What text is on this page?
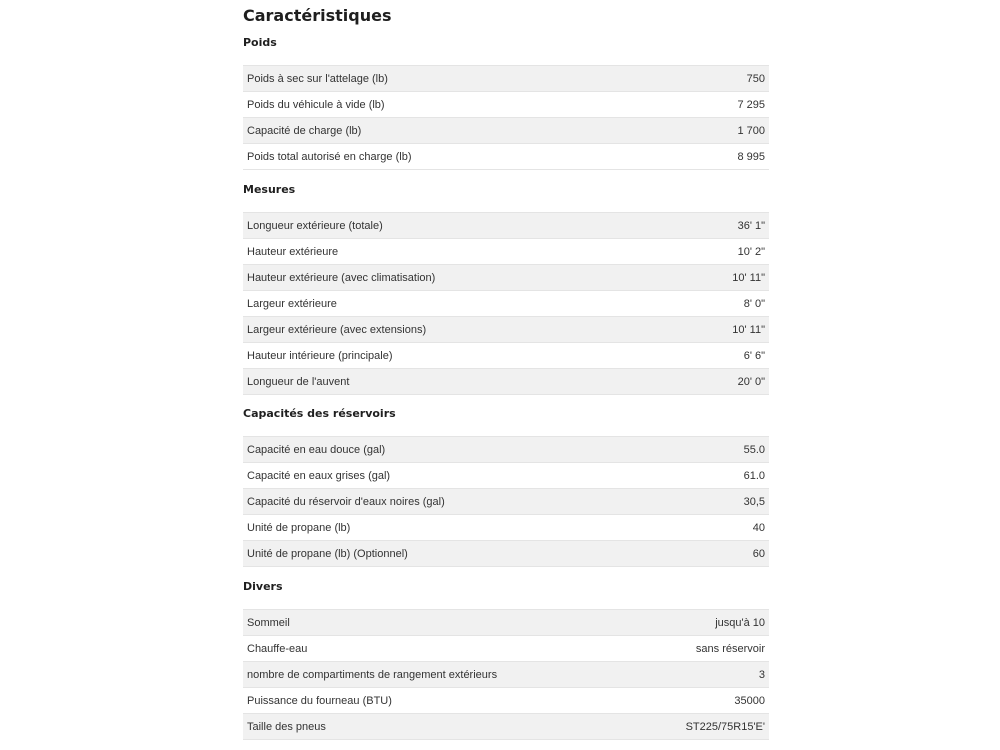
Caractéristiques
Poids
Poids à sec sur l'attelage (lb)	750
Poids du véhicule à vide (lb)	7 295
Capacité de charge (lb)	1 700
Poids total autorisé en charge (lb)	8 995
Mesures
Longueur extérieure (totale)	36' 1"
Hauteur extérieure	10' 2"
Hauteur extérieure (avec climatisation)	10' 11"
Largeur extérieure	8' 0"
Largeur extérieure (avec extensions)	10' 11"
Hauteur intérieure (principale)	6' 6"
Longueur de l'auvent	20' 0"
Capacités des réservoirs
Capacité en eau douce (gal)	55.0
Capacité en eaux grises (gal)	61.0
Capacité du réservoir d'eaux noires (gal)	30,5
Unité de propane (lb)	40
Unité de propane (lb) (Optionnel)	60
Divers
Sommeil	jusqu'à 10
Chauffe-eau	sans réservoir
nombre de compartiments de rangement extérieurs	3
Puissance du fourneau (BTU)	35000
Taille des pneus	ST225/75R15'E'
